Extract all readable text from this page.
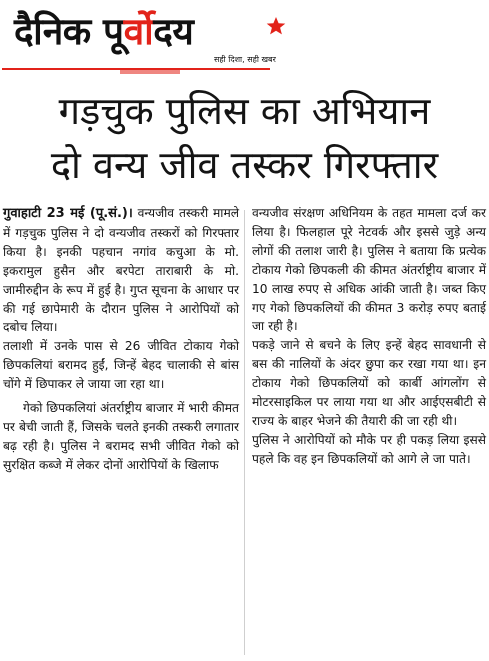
दैनिक पूर्वोदय
सही दिशा, सही खबर
गड़चुक पुलिस का अभियान
दो वन्य जीव तस्कर गिरफ्तार

गुवाहाटी 23 मई (पू.सं.)। वन्यजीव तस्करी मामले में गड़चुक पुलिस ने दो वन्यजीव तस्करों को गिरफ्तार किया है। इनकी पहचान नगांव कचुआ के मो. इकरामुल हुसैन और बरपेटा ताराबारी के मो. जामीरुद्दीन के रूप में हुई है। गुप्त सूचना के आधार पर की गई छापेमारी के दौरान पुलिस ने आरोपियों को दबोच लिया।

तलाशी में उनके पास से 26 जीवित टोकाय गेको छिपकलियां बरामद हुईं, जिन्हें बेहद चालाकी से बांस चोंगे में छिपाकर ले जाया जा रहा था।

गेको छिपकलियां अंतर्राष्ट्रीय बाजार में भारी कीमत पर बेची जाती हैं, जिसके चलते इनकी तस्करी लगातार बढ़ रही है। पुलिस ने बरामद सभी जीवित गेको को सुरक्षित कब्जे में लेकर दोनों आरोपियों के खिलाफ

वन्यजीव संरक्षण अधिनियम के तहत मामला दर्ज कर लिया है। फिलहाल पूरे नेटवर्क और इससे जुड़े अन्य लोगों की तलाश जारी है। पुलिस ने बताया कि प्रत्येक टोकाय गेको छिपकली की कीमत अंतर्राष्ट्रीय बाजार में 10 लाख रुपए से अधिक आंकी जाती है। जब्त किए गए गेको छिपकलियों की कीमत 3 करोड़ रुपए बताई जा रही है।

पकड़े जाने से बचने के लिए इन्हें बेहद सावधानी से बस की नालियों के अंदर छुपा कर रखा गया था। इन टोकाय गेको छिपकलियों को कार्बी आंगलोंग से मोटरसाइकिल पर लाया गया था और आईएसबीटी से राज्य के बाहर भेजने की तैयारी की जा रही थी।

पुलिस ने आरोपियों को मौके पर ही पकड़ लिया इससे पहले कि वह इन छिपकलियों को आगे ले जा पाते।
